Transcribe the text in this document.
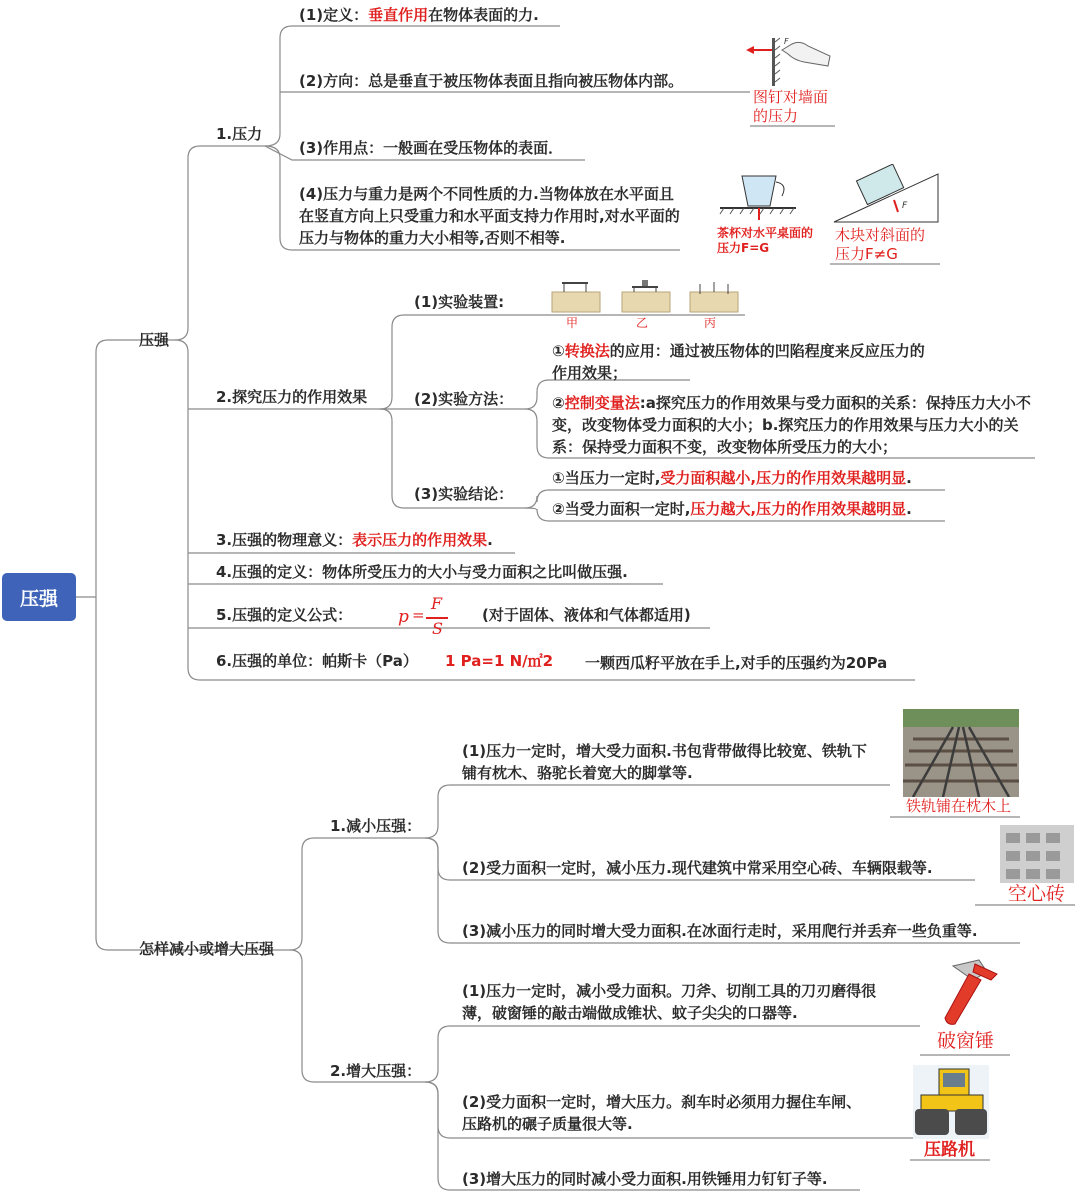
压强
压强
怎样减小或增大压强
1.压力
(1)定义：垂直作用在物体表面的力.
(2)方向：总是垂直于被压物体表面且指向被压物体内部。
(3)作用点：一般画在受压物体的表面．
(4)压力与重力是两个不同性质的力.当物体放在水平面且在竖直方向上只受重力和水平面支持力作用时,对水平面的压力与物体的重力大小相等,否则不相等.
F
图钉对墙面的压力
茶杯对水平桌面的压力F=G
F
木块对斜面的压力F≠G
2.探究压力的作用效果
(1)实验装置:
甲	乙	丙
(2)实验方法：
①转换法的应用：通过被压物体的凹陷程度来反应压力的作用效果；
②控制变量法:a探究压力的作用效果与受力面积的关系：保持压力大小不变，改变物体受力面积的大小；b.探究压力的作用效果与压力大小的关系：保持受力面积不变，改变物体所受压力的大小；
(3)实验结论：
①当压力一定时,受力面积越小,压力的作用效果越明显.
②当受力面积一定时,压力越大,压力的作用效果越明显.
3.压强的物理意义：表示压力的作用效果.
4.压强的定义：物体所受压力的大小与受力面积之比叫做压强.
5.压强的定义公式：	p =
F
S
(对于固体、液体和气体都适用)
6.压强的单位：帕斯卡（Pa） 1 Pa=1 N/㎡2 一颗西瓜籽平放在手上,对手的压强约为20Pa
1.减小压强：
(1)压力一定时，增大受力面积.书包背带做得比较宽、铁轨下铺有枕木、骆驼长着宽大的脚掌等.
(2)受力面积一定时，减小压力.现代建筑中常采用空心砖、车辆限载等.
(3)减小压力的同时增大受力面积.在冰面行走时，采用爬行并丢弃一些负重等.
铁轨铺在枕木上
空心砖
2.增大压强：
(1)压力一定时，减小受力面积。刀斧、切削工具的刀刃磨得很薄，破窗锤的敲击端做成锥状、蚊子尖尖的口器等.
(2)受力面积一定时，增大压力。刹车时必须用力握住车闸、压路机的碾子质量很大等.
(3)增大压力的同时减小受力面积.用铁锤用力钉钉子等.
破窗锤
压路机
